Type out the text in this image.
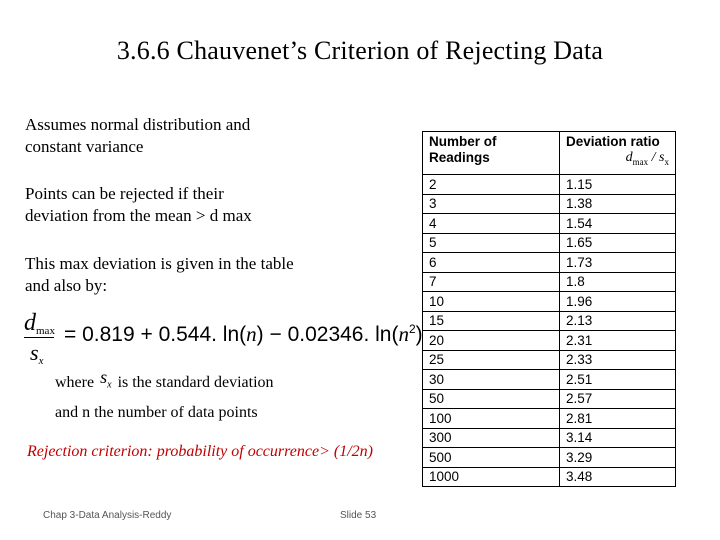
3.6.6 Chauvenet’s Criterion of Rejecting Data
Assumes normal distribution and
constant variance
Points can be rejected if their
deviation from the mean > d max
This max deviation is given in the table
and also by:
$d_{max}$
$s_x$
= 0.819 + 0.544. ln(n) − 0.02346. $\ln(n^2)$
where $s_x$ is the standard deviation
and n the number of data points
Rejection criterion: probability of occurrence> (1/2n)
Number of Readings	Deviation ratio
$d_{max} / s_x$

2	1.15
3	1.38
4	1.54
5	1.65
6	1.73
7	1.8
10	1.96
15	2.13
20	2.31
25	2.33
30	2.51
50	2.57
100	2.81
300	3.14
500	3.29
1000	3.48
Chap 3-Data Analysis-Reddy	Slide 53
